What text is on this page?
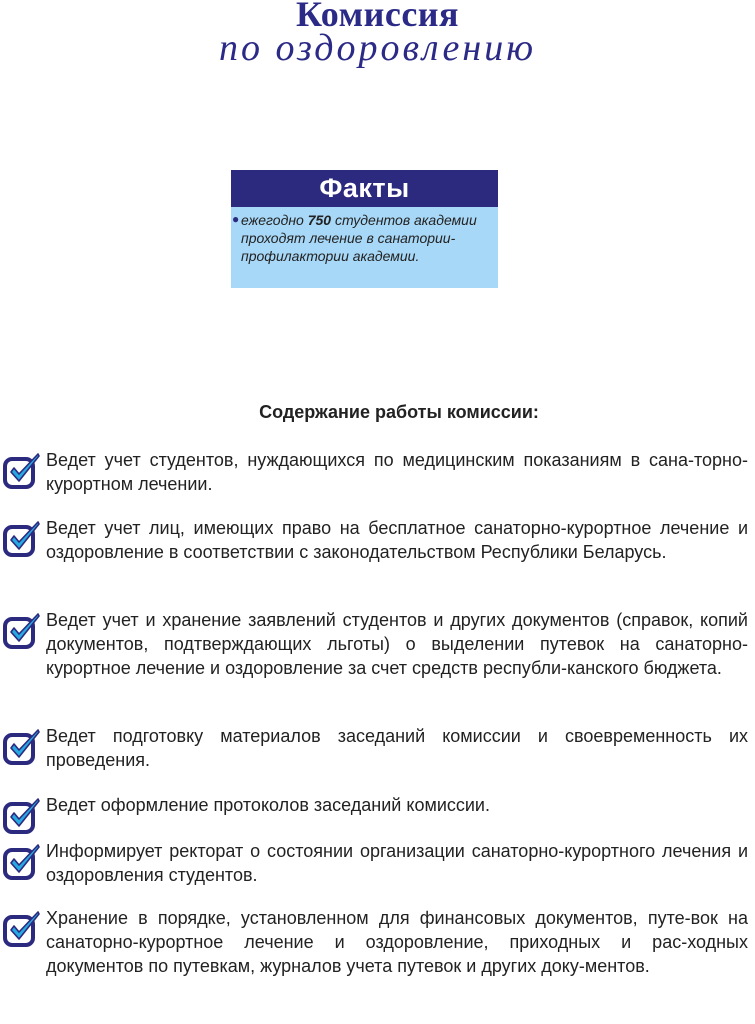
Комиссия
по оздоровлению
Факты
● ежегодно 750 студентов академии проходят лечение в санатории-профилактории академии.
Содержание работы комиссии:
Ведет учет студентов, нуждающихся по медицинским показаниям в сана-торно-курортном лечении.
Ведет учет лиц, имеющих право на бесплатное санаторно-курортное лечение и оздоровление в соответствии с законодательством Республики Беларусь.
Ведет учет и хранение заявлений студентов и других документов (справок, копий документов, подтверждающих льготы) о выделении путевок на санаторно-курортное лечение и оздоровление за счет средств республи-канского бюджета.
Ведет подготовку материалов заседаний комиссии и своевременность их проведения.
Ведет оформление протоколов заседаний комиссии.
Информирует ректорат о состоянии организации санаторно-курортного лечения и оздоровления студентов.
Хранение в порядке, установленном для финансовых документов, путе-вок на санаторно-курортное лечение и оздоровление, приходных и рас-ходных документов по путевкам, журналов учета путевок и других доку-ментов.
